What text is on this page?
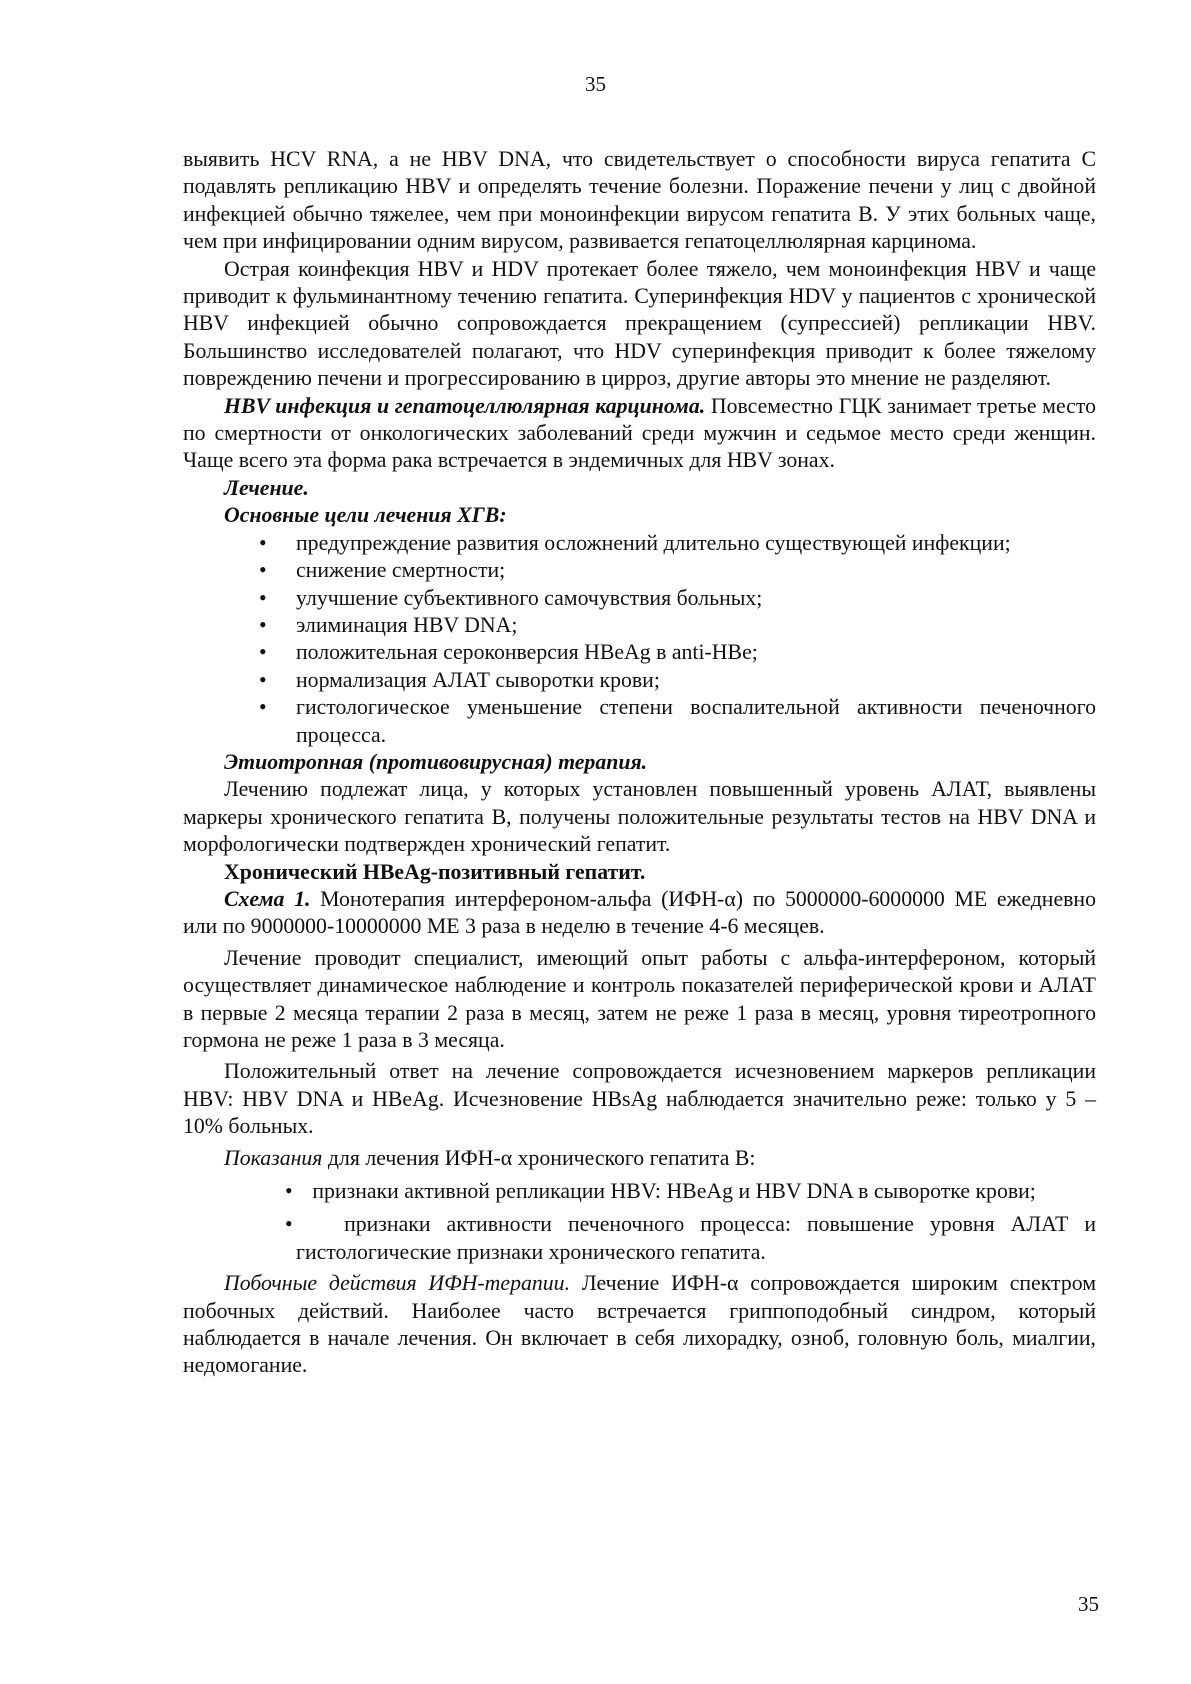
35

выявить HCV RNA, а не HBV DNA, что свидетельствует о способности вируса гепатита С подавлять репликацию HBV и определять течение болезни. Поражение печени у лиц с двойной инфекцией обычно тяжелее, чем при моноинфекции вирусом гепатита В. У этих больных чаще, чем при инфицировании одним вирусом, развивается гепатоцеллюлярная карцинома.

Острая коинфекция HBV и HDV протекает более тяжело, чем моноинфекция HBV и чаще приводит к фульминантному течению гепатита. Суперинфекция HDV у пациентов с хронической HBV инфекцией обычно сопровождается прекращением (супрессией) репликации HBV. Большинство исследователей полагают, что HDV суперинфекция приводит к более тяжелому повреждению печени и прогрессированию в цирроз, другие авторы это мнение не разделяют.

HBV инфекция и гепатоцеллюлярная карцинома. Повсеместно ГЦК занимает третье место по смертности от онкологических заболеваний среди мужчин и седьмое место среди женщин. Чаще всего эта форма рака встречается в эндемичных для HBV зонах.

Лечение.

Основные цели лечения ХГВ:

• предупреждение развития осложнений длительно существующей инфекции;
• снижение смертности;
• улучшение субъективного самочувствия больных;
• элиминация HBV DNA;
• положительная сероконверсия HBeAg в anti-HBe;
• нормализация АЛАТ сыворотки крови;
• гистологическое уменьшение степени воспалительной активности печеночного процесса.

Этиотропная (противовирусная) терапия.

Лечению подлежат лица, у которых установлен повышенный уровень АЛАТ, выявлены маркеры хронического гепатита В, получены положительные результаты тестов на HBV DNA и морфологически подтвержден хронический гепатит.

Хронический HBeAg-позитивный гепатит.

Схема 1. Монотерапия интерфероном-альфа (ИФН-α) по 5000000-6000000 МЕ ежедневно или по 9000000-10000000 МЕ 3 раза в неделю в течение 4-6 месяцев.

Лечение проводит специалист, имеющий опыт работы с альфа-интерфероном, который осуществляет динамическое наблюдение и контроль показателей периферической крови и АЛАТ в первые 2 месяца терапии 2 раза в месяц, затем не реже 1 раза в месяц, уровня тиреотропного гормона не реже 1 раза в 3 месяца.

Положительный ответ на лечение сопровождается исчезновением маркеров репликации HBV: HBV DNA и HBeAg. Исчезновение HBsAg наблюдается значительно реже: только у 5 – 10% больных.

Показания для лечения ИФН-α хронического гепатита В:

• признаки активной репликации HBV: HBeAg и HBV DNA в сыворотке крови;
• признаки активности печеночного процесса: повышение уровня АЛАТ и гистологические признаки хронического гепатита.

Побочные действия ИФН-терапии. Лечение ИФН-α сопровождается широким спектром побочных действий. Наиболее часто встречается гриппоподобный синдром, который наблюдается в начале лечения. Он включает в себя лихорадку, озноб, головную боль, миалгии, недомогание.

35
